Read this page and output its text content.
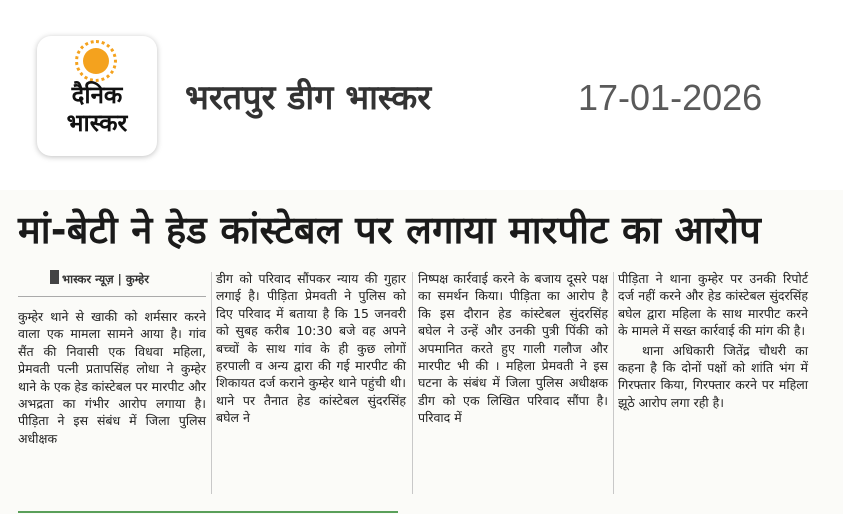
दैनिक
भास्कर
भरतपुर डीग भास्कर	17-01-2026
मां-बेटी ने हेड कांस्टेबल पर लगाया मारपीट का आरोप
भास्कर न्यूज़ | कुम्हेर
कुम्हेर थाने से खाकी को शर्मसार करने वाला एक मामला सामने आया है। गांव सैंत की निवासी एक विधवा महिला, प्रेमवती पत्नी प्रतापसिंह लोधा ने कुम्हेर थाने के एक हेड कांस्टेबल पर मारपीट और अभद्रता का गंभीर आरोप लगाया है। पीड़िता ने इस संबंध में जिला पुलिस अधीक्षक
डीग को परिवाद सौंपकर न्याय की गुहार लगाई है। पीड़िता प्रेमवती ने पुलिस को दिए परिवाद में बताया है कि 15 जनवरी को सुबह करीब 10:30 बजे वह अपने बच्चों के साथ गांव के ही कुछ लोगों हरपाली व अन्य द्वारा की गई मारपीट की शिकायत दर्ज कराने कुम्हेर थाने पहुंची थी। थाने पर तैनात हेड कांस्टेबल सुंदरसिंह बघेल ने
निष्पक्ष कार्रवाई करने के बजाय दूसरे पक्ष का समर्थन किया। पीड़िता का आरोप है कि इस दौरान हेड कांस्टेबल सुंदरसिंह बघेल ने उन्हें और उनकी पुत्री पिंकी को अपमानित करते हुए गाली गलौज और मारपीट भी की । महिला प्रेमवती ने इस घटना के संबंध में जिला पुलिस अधीक्षक डीग को एक लिखित परिवाद सौंपा है। परिवाद में
पीड़िता ने थाना कुम्हेर पर उनकी रिपोर्ट दर्ज नहीं करने और हेड कांस्टेबल सुंदरसिंह बघेल द्वारा महिला के साथ मारपीट करने के मामले में सख्त कार्रवाई की मांग की है।
थाना अधिकारी जितेंद्र चौधरी का कहना है कि दोनों पक्षों को शांति भंग में गिरफ्तार किया, गिरफ्तार करने पर महिला झूठे आरोप लगा रही है।
